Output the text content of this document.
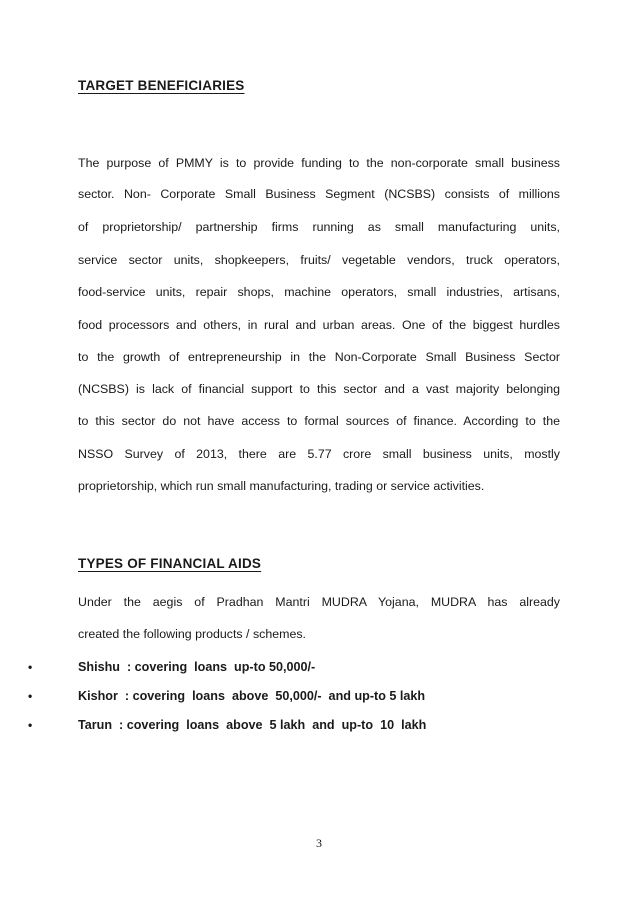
TARGET BENEFICIARIES

The purpose of PMMY is to provide funding to the non-corporate small business

sector. Non- Corporate Small Business Segment (NCSBS) consists of millions

of proprietorship/ partnership firms running as small manufacturing units,

service sector units, shopkeepers, fruits/ vegetable vendors, truck operators,

food-service units, repair shops, machine operators, small industries, artisans,

food processors and others, in rural and urban areas. One of the biggest hurdles

to the growth of entrepreneurship in the Non-Corporate Small Business Sector

(NCSBS) is lack of financial support to this sector and a vast majority belonging

to this sector do not have access to formal sources of finance. According to the

NSSO Survey of 2013, there are 5.77 crore small business units, mostly

proprietorship, which run small manufacturing, trading or service activities.

TYPES OF FINANCIAL AIDS

Under the aegis of Pradhan Mantri MUDRA Yojana, MUDRA has already

created the following products / schemes.

•	Shishu  : covering  loans  up-to 50,000/-
•	Kishor  : covering  loans  above  50,000/-  and up-to 5 lakh
•	Tarun  : covering  loans  above  5 lakh  and  up-to  10  lakh
3
